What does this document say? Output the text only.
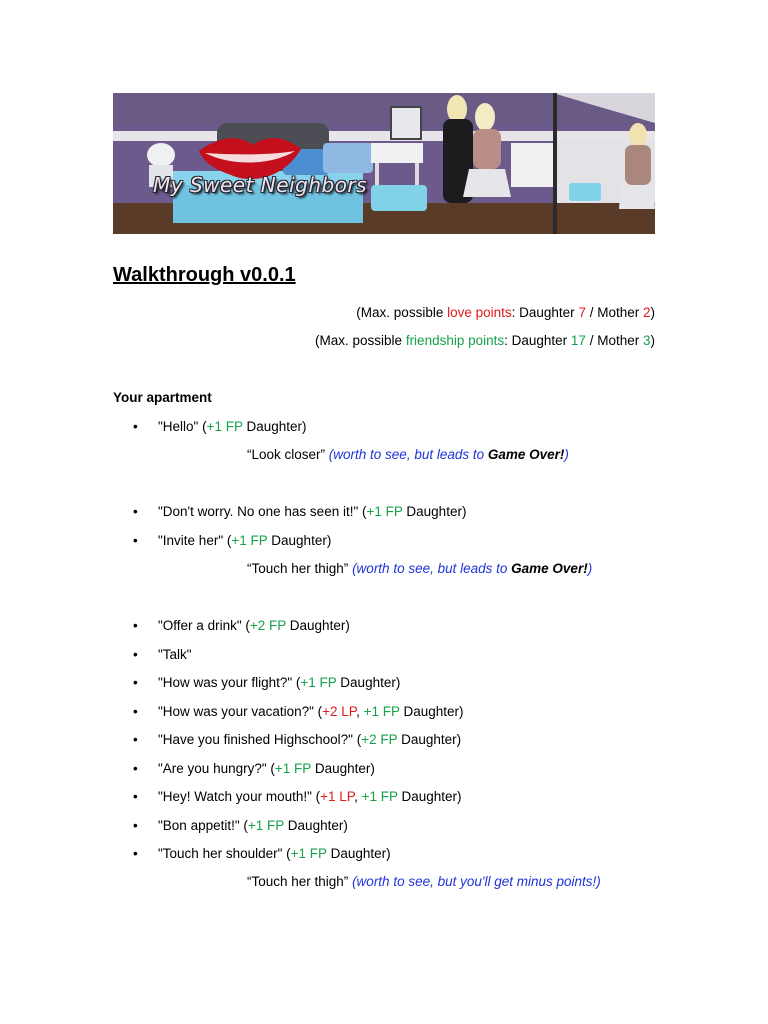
My Sweet Neighbors
Walkthrough v0.0.1
(Max. possible love points: Daughter 7 / Mother 2)
(Max. possible friendship points: Daughter 17 / Mother 3)
Your apartment
• "Hello" (+1 FP Daughter)
“Look closer” (worth to see, but leads to Game Over!)
• "Don't worry. No one has seen it!" (+1 FP Daughter)
• "Invite her" (+1 FP Daughter)
“Touch her thigh” (worth to see, but leads to Game Over!)
• "Offer a drink" (+2 FP Daughter)
• "Talk"
• "How was your flight?" (+1 FP Daughter)
• "How was your vacation?" (+2 LP, +1 FP Daughter)
• "Have you finished Highschool?" (+2 FP Daughter)
• "Are you hungry?" (+1 FP Daughter)
• "Hey! Watch your mouth!" (+1 LP, +1 FP Daughter)
• "Bon appetit!" (+1 FP Daughter)
• "Touch her shoulder" (+1 FP Daughter)
“Touch her thigh” (worth to see, but you'll get minus points!)
